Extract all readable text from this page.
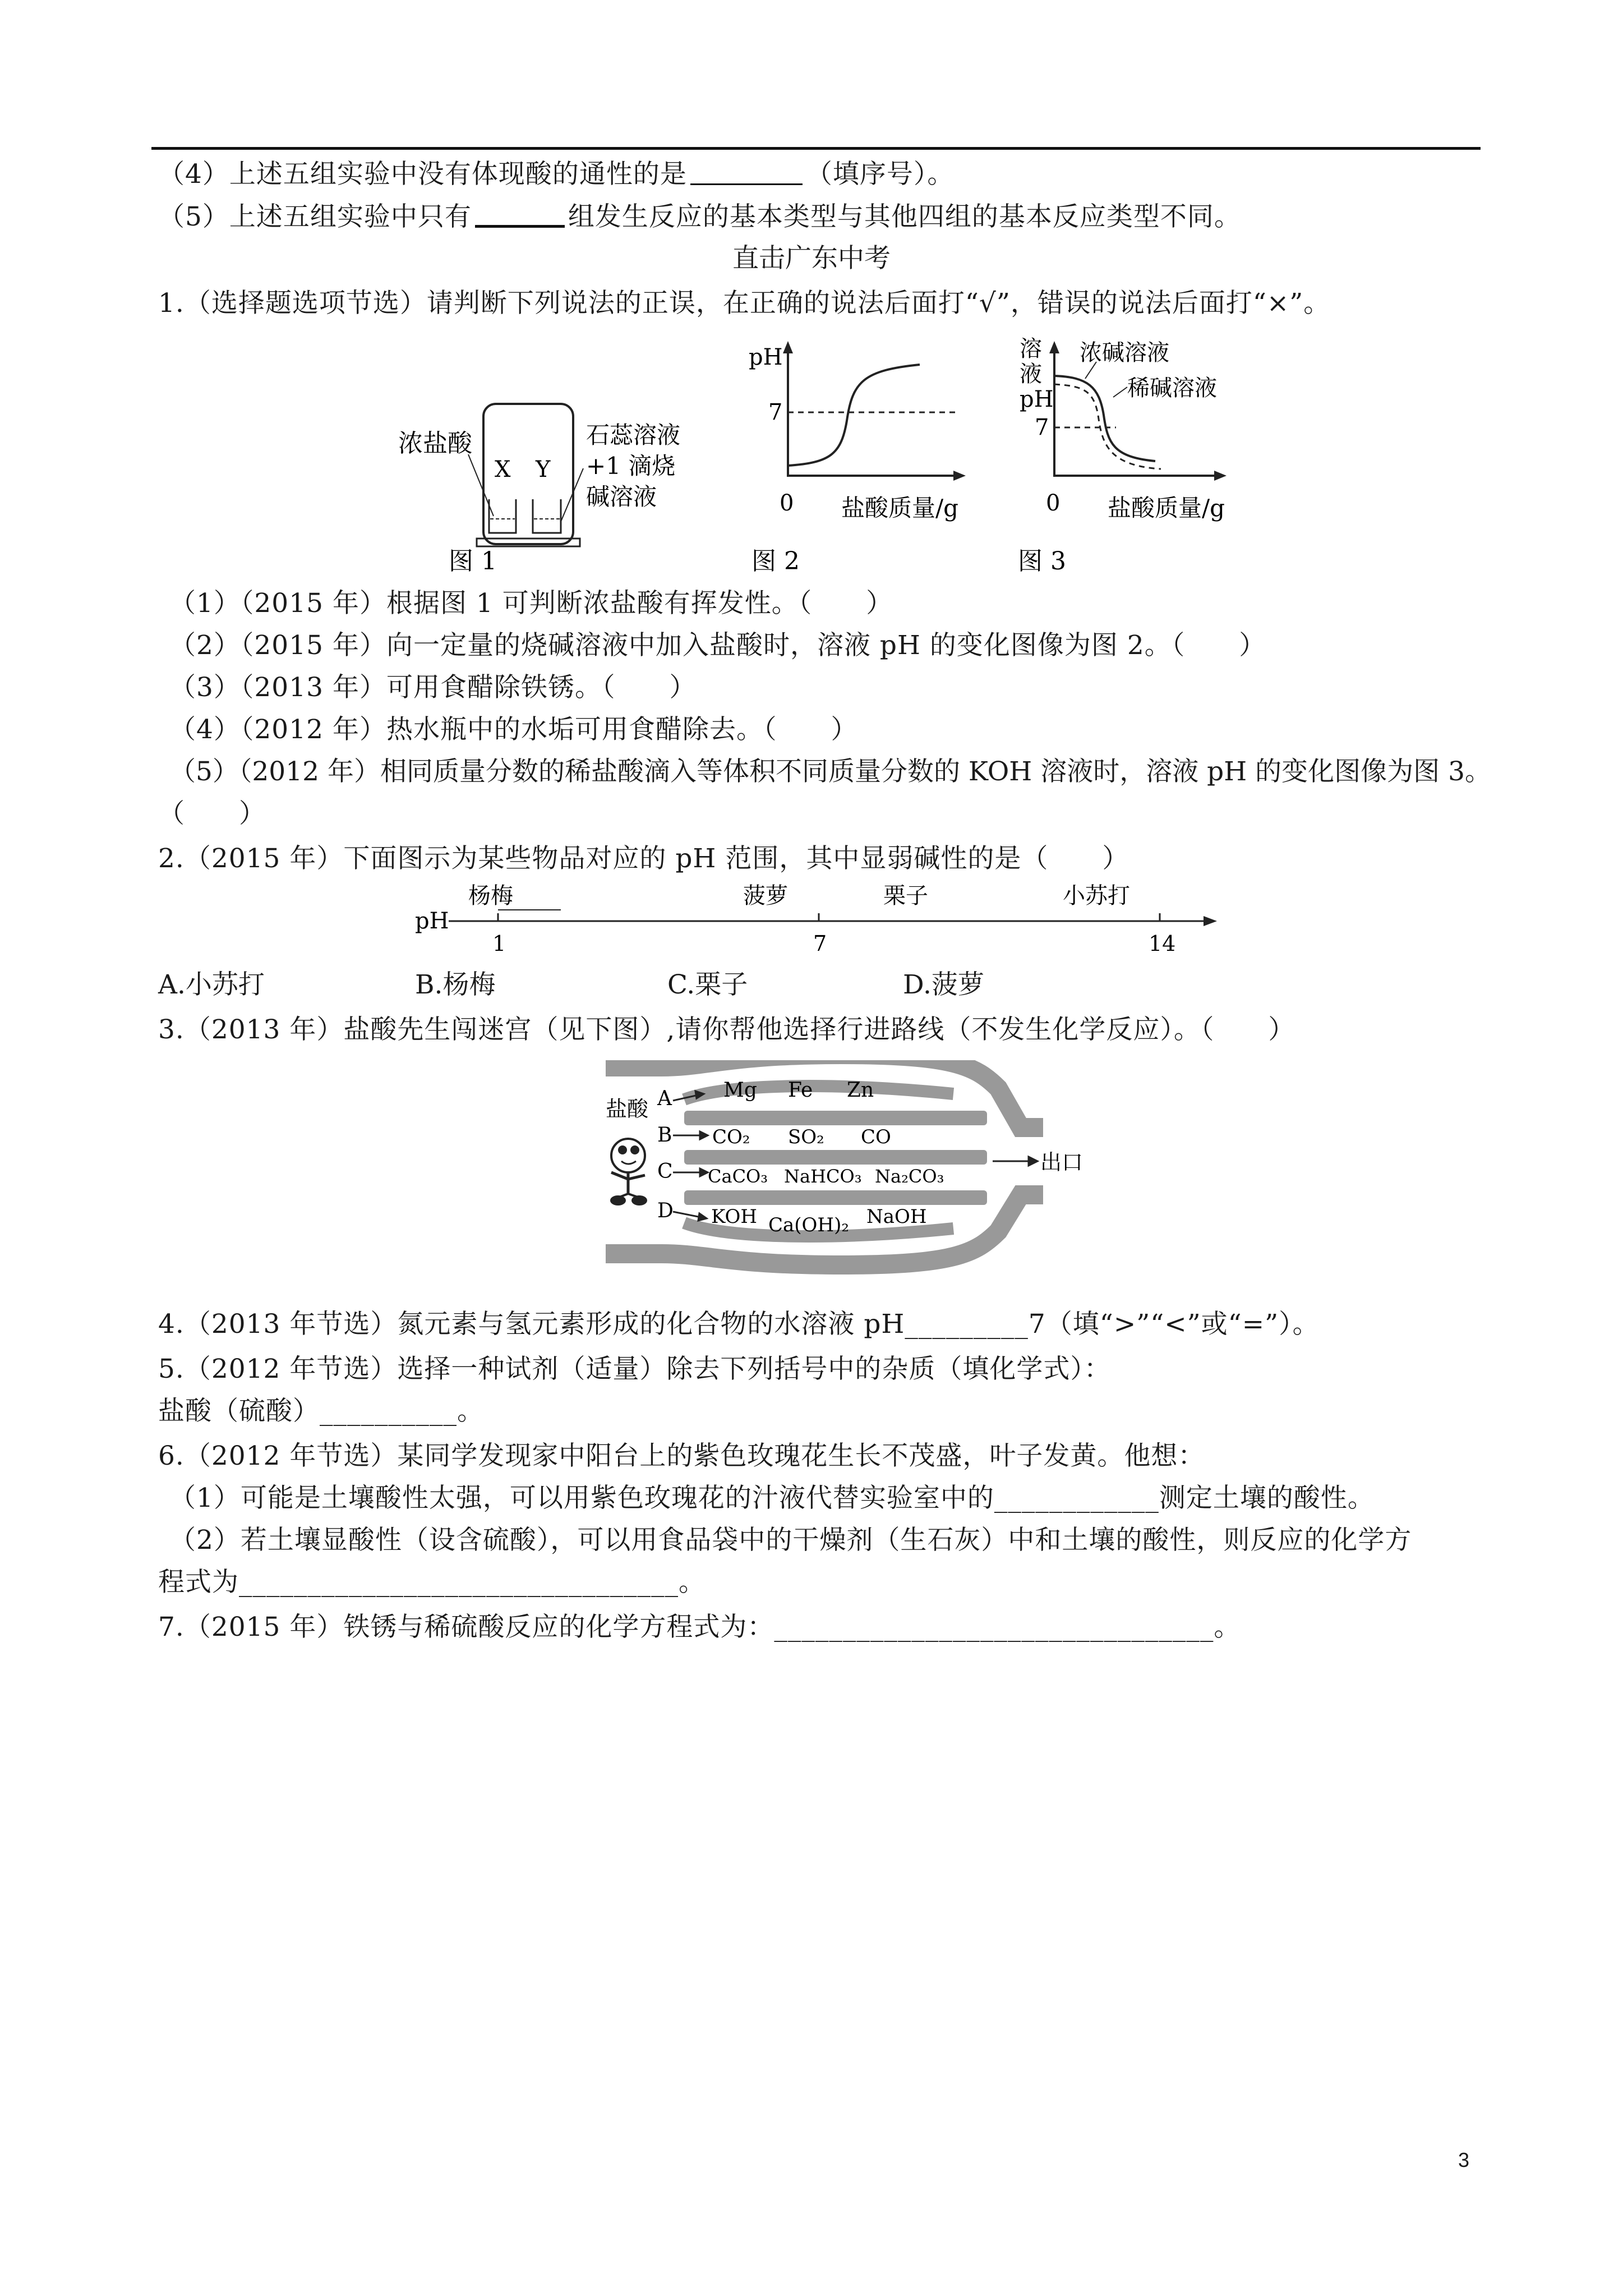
（4）上述五组实验中没有体现酸的通性的是	（填序号）。
（5）上述五组实验中只有	组发生反应的基本类型与其他四组的基本反应类型不同。
直击广东中考
1.（选择题选项节选）请判断下列说法的正误，在正确的说法后面打“√”，错误的说法后面打“×”。
浓盐酸
X Y
石蕊溶液
+1 滴烧
碱溶液
pH
7
0 盐酸质量/g
溶
液
pH
7
浓碱溶液
稀碱溶液
0 盐酸质量/g
图 1	图 2	图 3
（1）（2015 年）根据图 1 可判断浓盐酸有挥发性。（　　）
（2）（2015 年）向一定量的烧碱溶液中加入盐酸时，溶液 pH 的变化图像为图 2。（　　）
（3）（2013 年）可用食醋除铁锈。（　　）
（4）（2012 年）热水瓶中的水垢可用食醋除去。（　　）
（5）（2012 年）相同质量分数的稀盐酸滴入等体积不同质量分数的 KOH 溶液时，溶液 pH 的变化图像为图 3。
（　　）
2.（2015 年）下面图示为某些物品对应的 pH 范围，其中显弱碱性的是（　　）
pH
杨梅	菠萝	栗子	小苏打
1	7	14
A.小苏打	B.杨梅	C.栗子	D.菠萝
3.（2013 年）盐酸先生闯迷宫（见下图）,请你帮他选择行进路线（不发生化学反应）。（　　）
A
B
C
D
Mg Fe Zn
CO₂ SO₂ CO
CaCO₃ NaHCO₃ Na₂CO₃
KOH Ca(OH)₂ NaOH
出口
盐酸
4.（2013 年节选）氮元素与氢元素形成的化合物的水溶液 pH_________7（填“>”“<”或“=”）。
5.（2012 年节选）选择一种试剂（适量）除去下列括号中的杂质（填化学式）：
盐酸（硫酸）__________。
6.（2012 年节选）某同学发现家中阳台上的紫色玫瑰花生长不茂盛，叶子发黄。他想：
（1）可能是土壤酸性太强，可以用紫色玫瑰花的汁液代替实验室中的____________测定土壤的酸性。
（2）若土壤显酸性（设含硫酸），可以用食品袋中的干燥剂（生石灰）中和土壤的酸性，则反应的化学方
程式为________________________________。
7.（2015 年）铁锈与稀硫酸反应的化学方程式为：________________________________。
3
